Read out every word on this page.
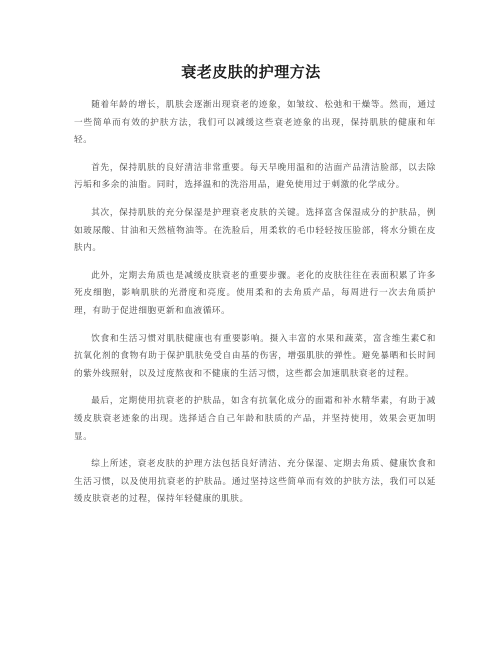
衰老皮肤的护理方法

随着年龄的增长，肌肤会逐渐出现衰老的迹象，如皱纹、松弛和干燥等。然而，通过一些简单而有效的护肤方法，我们可以减缓这些衰老迹象的出现，保持肌肤的健康和年轻。

首先，保持肌肤的良好清洁非常重要。每天早晚用温和的洁面产品清洁脸部，以去除污垢和多余的油脂。同时，选择温和的洗浴用品，避免使用过于刺激的化学成分。

其次，保持肌肤的充分保湿是护理衰老皮肤的关键。选择富含保湿成分的护肤品，例如玻尿酸、甘油和天然植物油等。在洗脸后，用柔软的毛巾轻轻按压脸部，将水分锁在皮肤内。

此外，定期去角质也是减缓皮肤衰老的重要步骤。老化的皮肤往往在表面积累了许多死皮细胞，影响肌肤的光滑度和亮度。使用柔和的去角质产品，每周进行一次去角质护理，有助于促进细胞更新和血液循环。

饮食和生活习惯对肌肤健康也有重要影响。摄入丰富的水果和蔬菜，富含维生素C和抗氧化剂的食物有助于保护肌肤免受自由基的伤害，增强肌肤的弹性。避免暴晒和长时间的紫外线照射，以及过度熬夜和不健康的生活习惯，这些都会加速肌肤衰老的过程。

最后，定期使用抗衰老的护肤品，如含有抗氧化成分的面霜和补水精华素，有助于减缓皮肤衰老迹象的出现。选择适合自己年龄和肤质的产品，并坚持使用，效果会更加明显。

综上所述，衰老皮肤的护理方法包括良好清洁、充分保湿、定期去角质、健康饮食和生活习惯，以及使用抗衰老的护肤品。通过坚持这些简单而有效的护肤方法，我们可以延缓皮肤衰老的过程，保持年轻健康的肌肤。
